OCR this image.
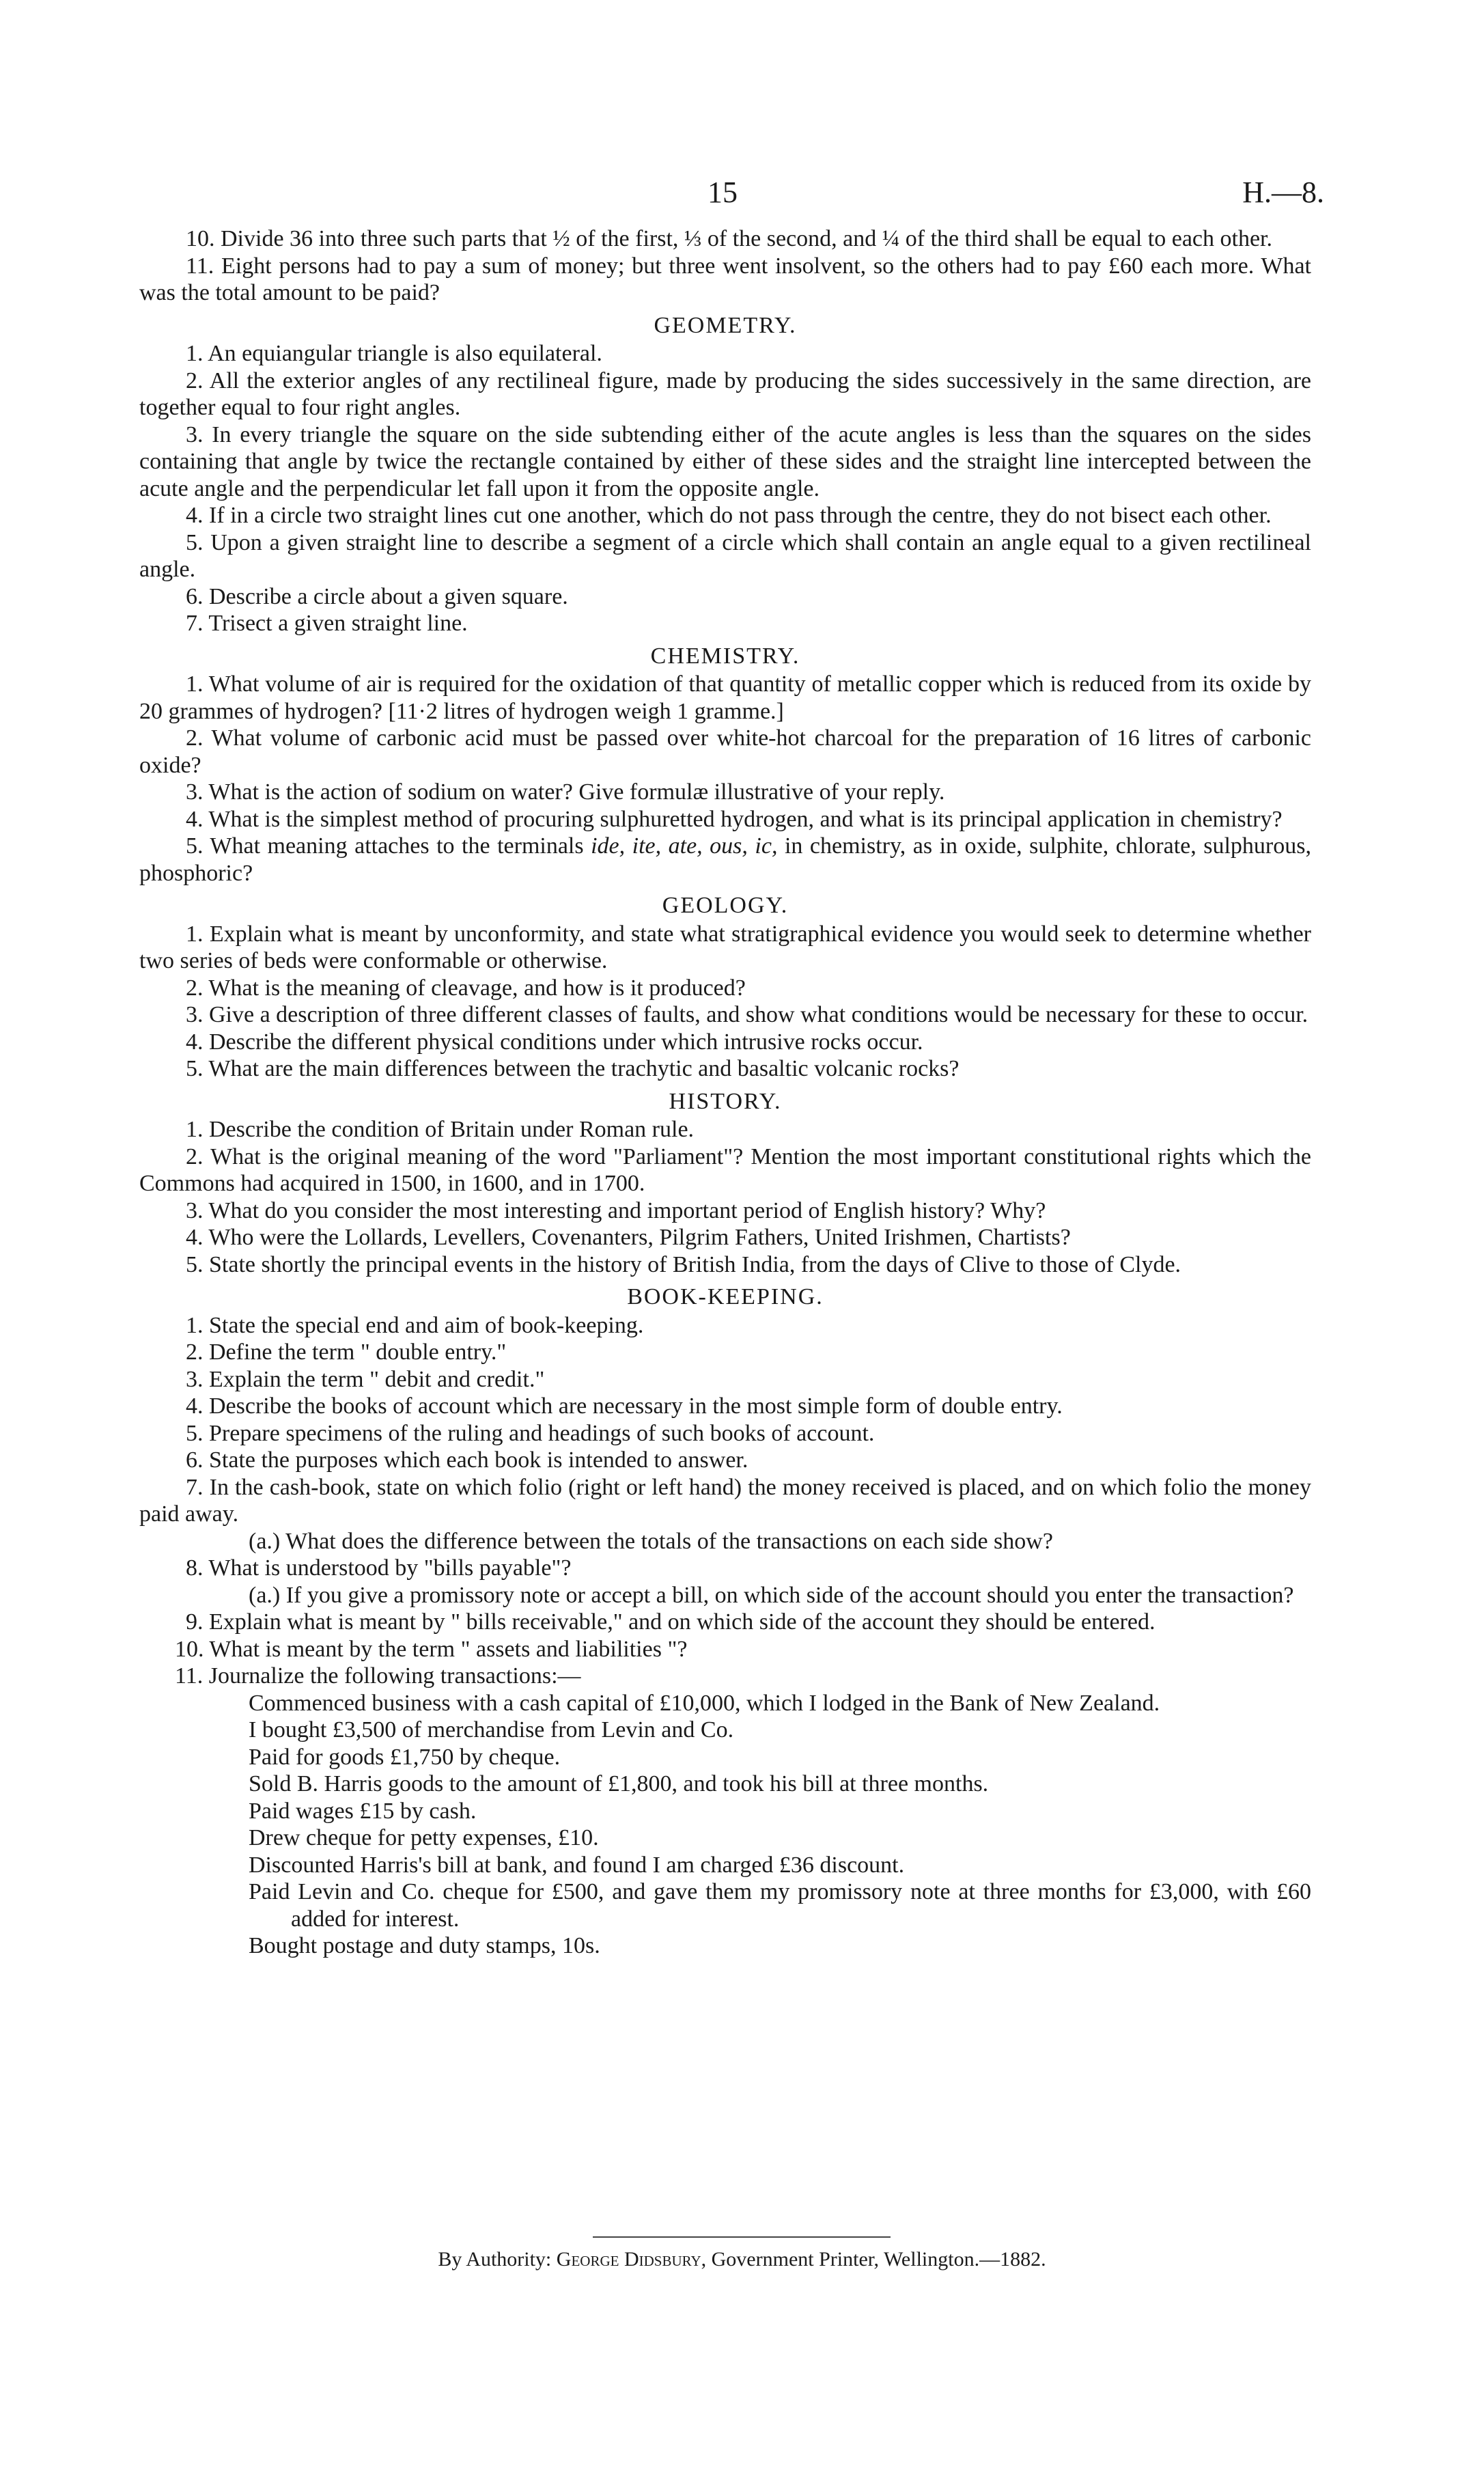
15	H.—8.

10. Divide 36 into three such parts that ½ of the first, ⅓ of the second, and ¼ of the third shall be equal to each other.

11. Eight persons had to pay a sum of money; but three went insolvent, so the others had to pay £60 each more. What was the total amount to be paid?

GEOMETRY.

1. An equiangular triangle is also equilateral.

2. All the exterior angles of any rectilineal figure, made by producing the sides successively in the same direction, are together equal to four right angles.

3. In every triangle the square on the side subtending either of the acute angles is less than the squares on the sides containing that angle by twice the rectangle contained by either of these sides and the straight line intercepted between the acute angle and the perpendicular let fall upon it from the opposite angle.

4. If in a circle two straight lines cut one another, which do not pass through the centre, they do not bisect each other.

5. Upon a given straight line to describe a segment of a circle which shall contain an angle equal to a given rectilineal angle.

6. Describe a circle about a given square.

7. Trisect a given straight line.

CHEMISTRY.

1. What volume of air is required for the oxidation of that quantity of metallic copper which is reduced from its oxide by 20 grammes of hydrogen? [11·2 litres of hydrogen weigh 1 gramme.]

2. What volume of carbonic acid must be passed over white-hot charcoal for the preparation of 16 litres of carbonic oxide?

3. What is the action of sodium on water? Give formulæ illustrative of your reply.

4. What is the simplest method of procuring sulphuretted hydrogen, and what is its principal application in chemistry?

5. What meaning attaches to the terminals ide, ite, ate, ous, ic, in chemistry, as in oxide, sulphite, chlorate, sulphurous, phosphoric?

GEOLOGY.

1. Explain what is meant by unconformity, and state what stratigraphical evidence you would seek to determine whether two series of beds were conformable or otherwise.

2. What is the meaning of cleavage, and how is it produced?

3. Give a description of three different classes of faults, and show what conditions would be necessary for these to occur.

4. Describe the different physical conditions under which intrusive rocks occur.

5. What are the main differences between the trachytic and basaltic volcanic rocks?

HISTORY.

1. Describe the condition of Britain under Roman rule.

2. What is the original meaning of the word "Parliament"? Mention the most important constitutional rights which the Commons had acquired in 1500, in 1600, and in 1700.

3. What do you consider the most interesting and important period of English history? Why?

4. Who were the Lollards, Levellers, Covenanters, Pilgrim Fathers, United Irishmen, Chartists?

5. State shortly the principal events in the history of British India, from the days of Clive to those of Clyde.

BOOK-KEEPING.

1. State the special end and aim of book-keeping.

2. Define the term " double entry."

3. Explain the term " debit and credit."

4. Describe the books of account which are necessary in the most simple form of double entry.

5. Prepare specimens of the ruling and headings of such books of account.

6. State the purposes which each book is intended to answer.

7. In the cash-book, state on which folio (right or left hand) the money received is placed, and on which folio the money paid away.

(a.) What does the difference between the totals of the transactions on each side show?

8. What is understood by "bills payable"?

(a.) If you give a promissory note or accept a bill, on which side of the account should you enter the transaction?

9. Explain what is meant by " bills receivable," and on which side of the account they should be entered.

10. What is meant by the term " assets and liabilities "?

11. Journalize the following transactions:—

Commenced business with a cash capital of £10,000, which I lodged in the Bank of New Zealand.

I bought £3,500 of merchandise from Levin and Co.

Paid for goods £1,750 by cheque.

Sold B. Harris goods to the amount of £1,800, and took his bill at three months.

Paid wages £15 by cash.

Drew cheque for petty expenses, £10.

Discounted Harris's bill at bank, and found I am charged £36 discount.

Paid Levin and Co. cheque for £500, and gave them my promissory note at three months for £3,000, with £60 added for interest.

Bought postage and duty stamps, 10s.

By Authority: George Didsbury, Government Printer, Wellington.—1882.
